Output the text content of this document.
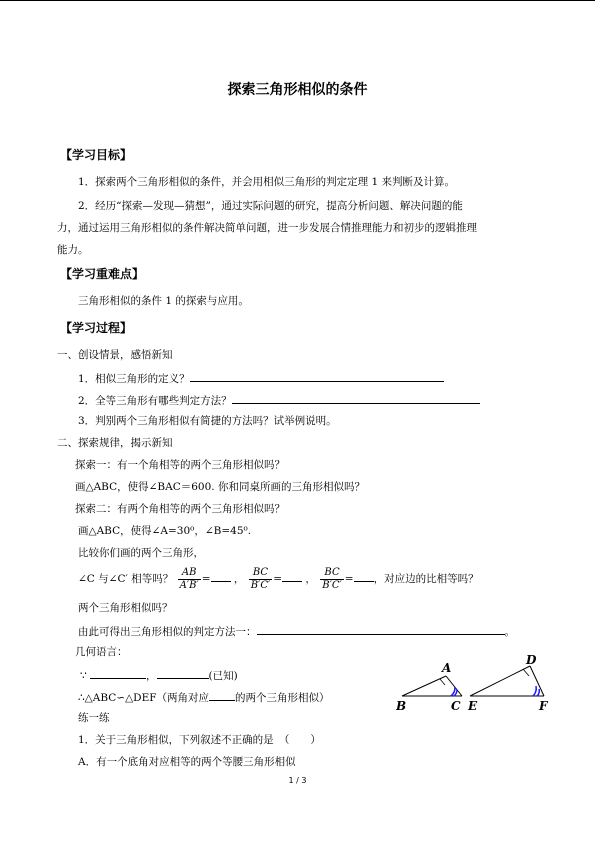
探索三角形相似的条件
【学习目标】
1．探索两个三角形相似的条件，并会用相似三角形的判定定理 1 来判断及计算。
2．经历“探索—发现—猜想”，通过实际问题的研究，提高分析问题、解决问题的能
力，通过运用三角形相似的条件解决简单问题，进一步发展合情推理能力和初步的逻辑推理
能力。
【学习重难点】
三角形相似的条件 1 的探索与应用。
【学习过程】
一、创设情景，感悟新知
1．相似三角形的定义？
2．全等三角形有哪些判定方法？
3．判别两个三角形相似有简捷的方法吗？试举例说明。
二、探索规律，揭示新知
探索一：有一个角相等的两个三角形相似吗？
画△ABC，使得∠BAC＝600. 你和同桌所画的三角形相似吗？
探索二：有两个角相等的两个三角形相似吗？
画△ABC，使得∠A=30⁰，∠B=45⁰.
比较你们画的两个三角形，
∠C 与∠C′ 相等吗？ $\frac{AB}{A'B'}$ = ， $\frac{BC}{B'C'}$ = ， $\frac{BC}{B'C'}$ = ，对应边的比相等吗？
两个三角形相似吗？
由此可得出三角形相似的判定方法一：	。
几何语言：
∵	，	(已知)
∴△ABC∽△DEF（两角对应 的两个三角形相似）
练一练
1．关于三角形相似，下列叙述不正确的是　（　　）
A．有一个底角对应相等的两个等腰三角形相似
A
B	C
D
E	F
1 / 3
